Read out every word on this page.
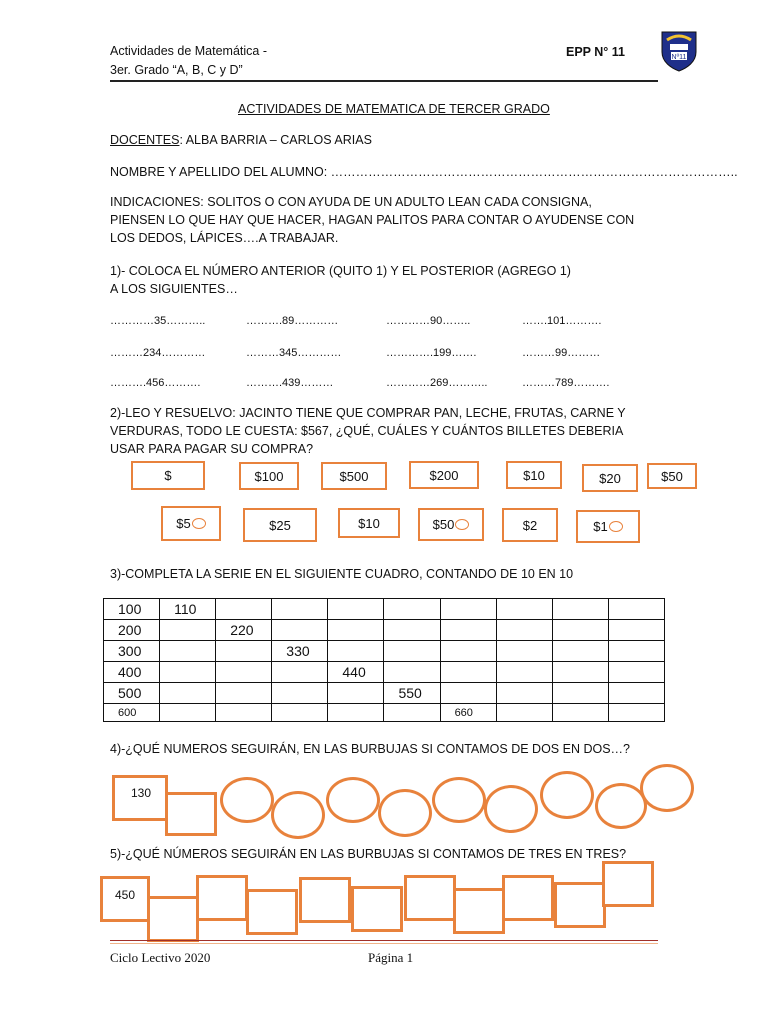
Actividades de Matemática -
3er. Grado “A, B, C y D”
EPP N° 11	Nº11
ACTIVIDADES DE MATEMATICA DE TERCER GRADO
DOCENTES: ALBA BARRIA – CARLOS ARIAS
NOMBRE Y APELLIDO DEL ALUMNO: ……………………………………………………………………………………..
INDICACIONES: SOLITOS O CON AYUDA DE UN ADULTO LEAN CADA CONSIGNA, PIENSEN LO QUE HAY QUE HACER, HAGAN PALITOS PARA CONTAR O AYUDENSE CON LOS DEDOS, LÁPICES….A TRABAJAR.
1)- COLOCA EL NÚMERO ANTERIOR (QUITO 1) Y EL POSTERIOR (AGREGO 1) A LOS SIGUIENTES…
…………35………..	……….89…………	…………90……..	…….101……….
………234…………	………345…………	………….199…….	………99………
……….456……….	……….439………	…………269………..	………789……….
2)-LEO Y RESUELVO: JACINTO TIENE QUE COMPRAR PAN, LECHE, FRUTAS, CARNE Y VERDURAS, TODO LE CUESTA: $567, ¿QUÉ, CUÁLES Y CUÁNTOS BILLETES DEBERIA USAR PARA PAGAR SU COMPRA?
$	$100	$500	$200	$10	$20	$50
$5	$25	$10	$50	$2	$1
3)-COMPLETA LA SERIE EN EL SIGUIENTE CUADRO, CONTANDO DE 10 EN 10
100	110								
200		220							
300			330						
400				440					
500					550				
600						660			
4)-¿QUÉ NUMEROS SEGUIRÁN, EN LAS BURBUJAS SI CONTAMOS DE DOS EN DOS…?
130
5)-¿QUÉ NÚMEROS SEGUIRÁN EN LAS BURBUJAS SI CONTAMOS DE TRES EN TRES?
450
Ciclo Lectivo 2020	Página 1
